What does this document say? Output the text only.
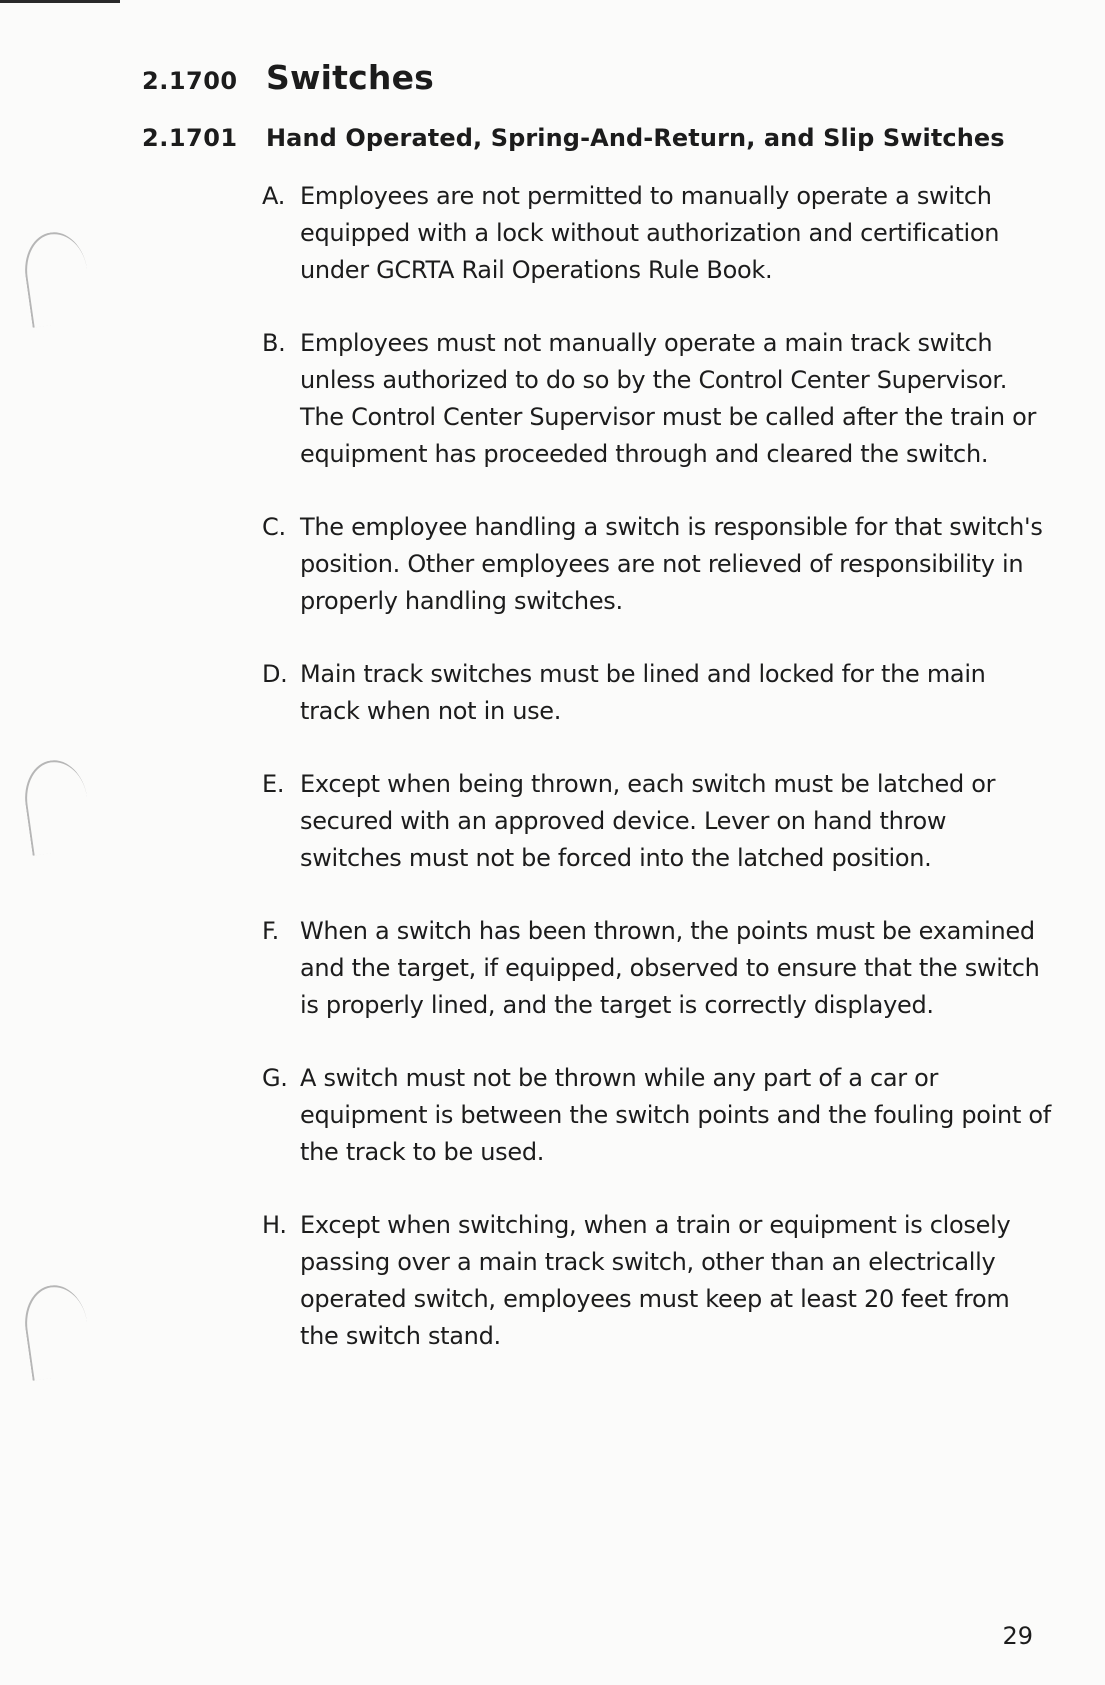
2.1700 Switches
2.1701	Hand Operated, Spring-And-Return, and Slip Switches
A. Employees are not permitted to manually operate a switch equipped with a lock without authorization and certification under GCRTA Rail Operations Rule Book.
B. Employees must not manually operate a main track switch unless authorized to do so by the Control Center Supervisor. The Control Center Supervisor must be called after the train or equipment has proceeded through and cleared the switch.
C. The employee handling a switch is responsible for that switch's position. Other employees are not relieved of responsibility in properly handling switches.
D. Main track switches must be lined and locked for the main track when not in use.
E. Except when being thrown, each switch must be latched or secured with an approved device. Lever on hand throw switches must not be forced into the latched position.
F. When a switch has been thrown, the points must be examined and the target, if equipped, observed to ensure that the switch is properly lined, and the target is correctly displayed.
G. A switch must not be thrown while any part of a car or equipment is between the switch points and the fouling point of the track to be used.
H. Except when switching, when a train or equipment is closely passing over a main track switch, other than an electrically operated switch, employees must keep at least 20 feet from the switch stand.
29
